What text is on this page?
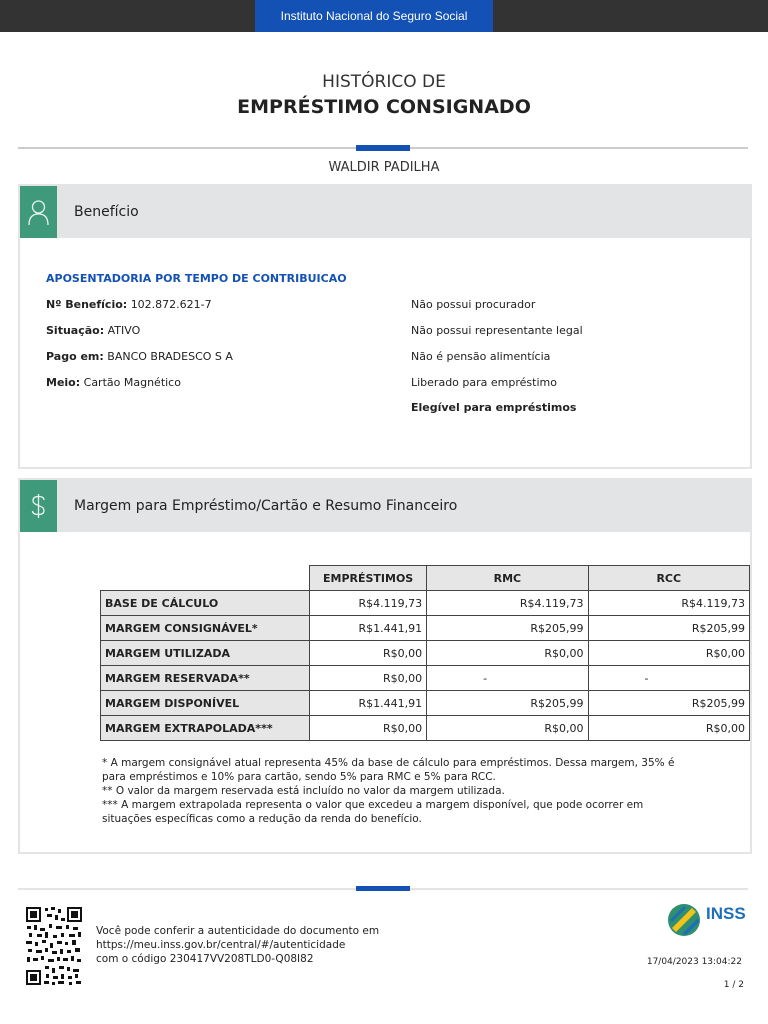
Instituto Nacional do Seguro Social
HISTÓRICO DE
EMPRÉSTIMO CONSIGNADO
WALDIR PADILHA
Benefício
APOSENTADORIA POR TEMPO DE CONTRIBUICAO
Nº Benefício: 102.872.621-7
Situação: ATIVO
Pago em: BANCO BRADESCO S A
Meio: Cartão Magnético
Não possui procurador
Não possui representante legal
Não é pensão alimentícia
Liberado para empréstimo
Elegível para empréstimos
Margem para Empréstimo/Cartão e Resumo Financeiro
	EMPRÉSTIMOS	RMC	RCC
BASE DE CÁLCULO	R$4.119,73	R$4.119,73	R$4.119,73
MARGEM CONSIGNÁVEL*	R$1.441,91	R$205,99	R$205,99
MARGEM UTILIZADA	R$0,00	R$0,00	R$0,00
MARGEM RESERVADA**	R$0,00	-	-
MARGEM DISPONÍVEL	R$1.441,91	R$205,99	R$205,99
MARGEM EXTRAPOLADA***	R$0,00	R$0,00	R$0,00
* A margem consignável atual representa 45% da base de cálculo para empréstimos. Dessa margem, 35% é para empréstimos e 10% para cartão, sendo 5% para RMC e 5% para RCC.
** O valor da margem reservada está incluído no valor da margem utilizada.
*** A margem extrapolada representa o valor que excedeu a margem disponível, que pode ocorrer em situações específicas como a redução da renda do benefício.
Você pode conferir a autenticidade do documento em
https://meu.inss.gov.br/central/#/autenticidade
com o código 230417VV208TLD0-Q08I82
INSS
17/04/2023 13:04:22
1 / 2
